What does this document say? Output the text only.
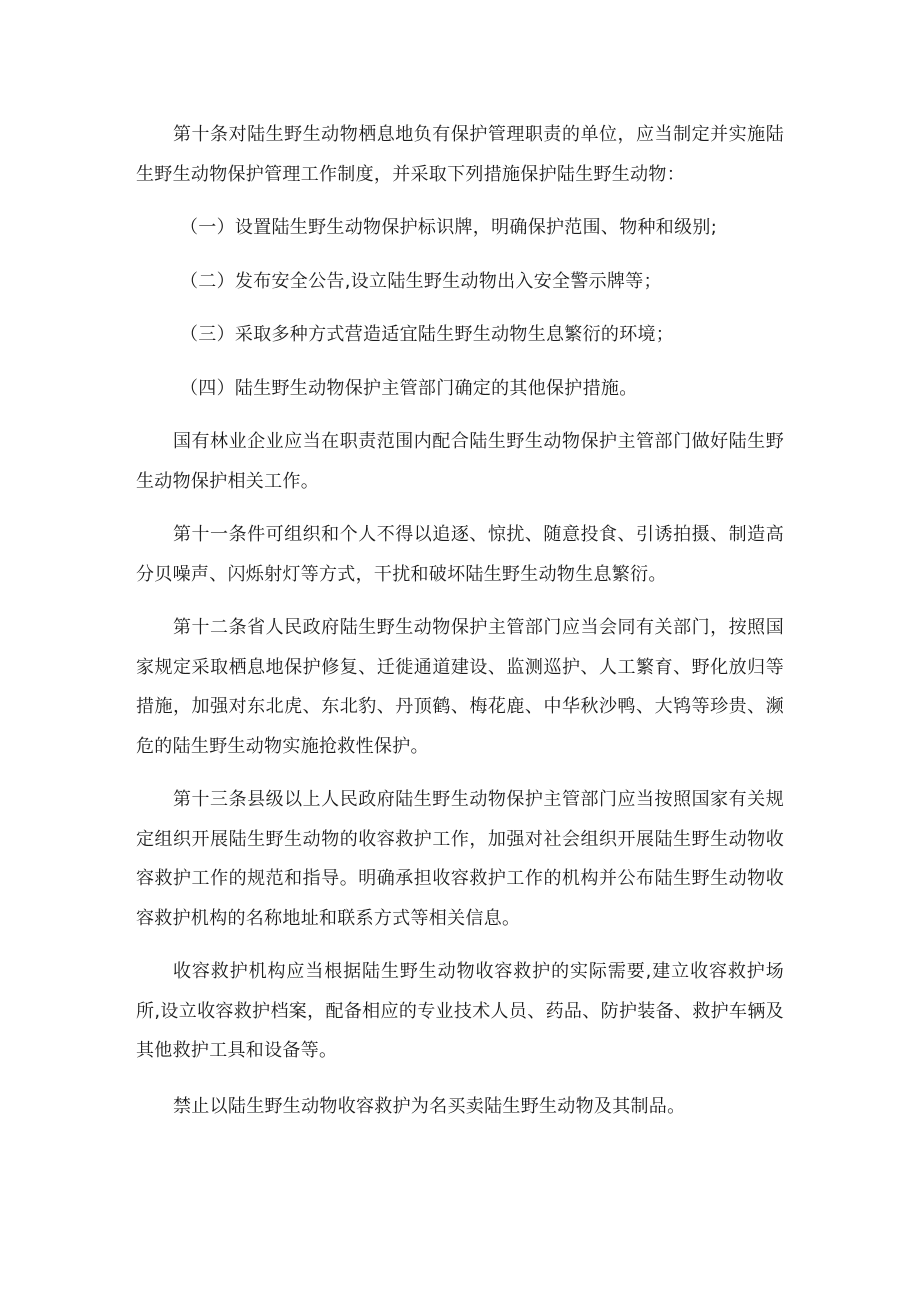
第十条对陆生野生动物栖息地负有保护管理职责的单位，应当制定并实施陆生野生动物保护管理工作制度，并采取下列措施保护陆生野生动物：

（一）设置陆生野生动物保护标识牌，明确保护范围、物种和级别;

（二）发布安全公告,设立陆生野生动物出入安全警示牌等；

（三）采取多种方式营造适宜陆生野生动物生息繁衍的环境；

（四）陆生野生动物保护主管部门确定的其他保护措施。

国有林业企业应当在职责范围内配合陆生野生动物保护主管部门做好陆生野生动物保护相关工作。

第十一条件可组织和个人不得以追逐、惊扰、随意投食、引诱拍摄、制造高分贝噪声、闪烁射灯等方式，干扰和破坏陆生野生动物生息繁衍。

第十二条省人民政府陆生野生动物保护主管部门应当会同有关部门，按照国家规定采取栖息地保护修复、迁徙通道建设、监测巡护、人工繁育、野化放归等措施，加强对东北虎、东北豹、丹顶鹤、梅花鹿、中华秋沙鸭、大鸨等珍贵、濒危的陆生野生动物实施抢救性保护。

第十三条县级以上人民政府陆生野生动物保护主管部门应当按照国家有关规定组织开展陆生野生动物的收容救护工作，加强对社会组织开展陆生野生动物收容救护工作的规范和指导。明确承担收容救护工作的机构并公布陆生野生动物收容救护机构的名称地址和联系方式等相关信息。

收容救护机构应当根据陆生野生动物收容救护的实际需要,建立收容救护场所,设立收容救护档案，配备相应的专业技术人员、药品、防护装备、救护车辆及其他救护工具和设备等。

禁止以陆生野生动物收容救护为名买卖陆生野生动物及其制品。
